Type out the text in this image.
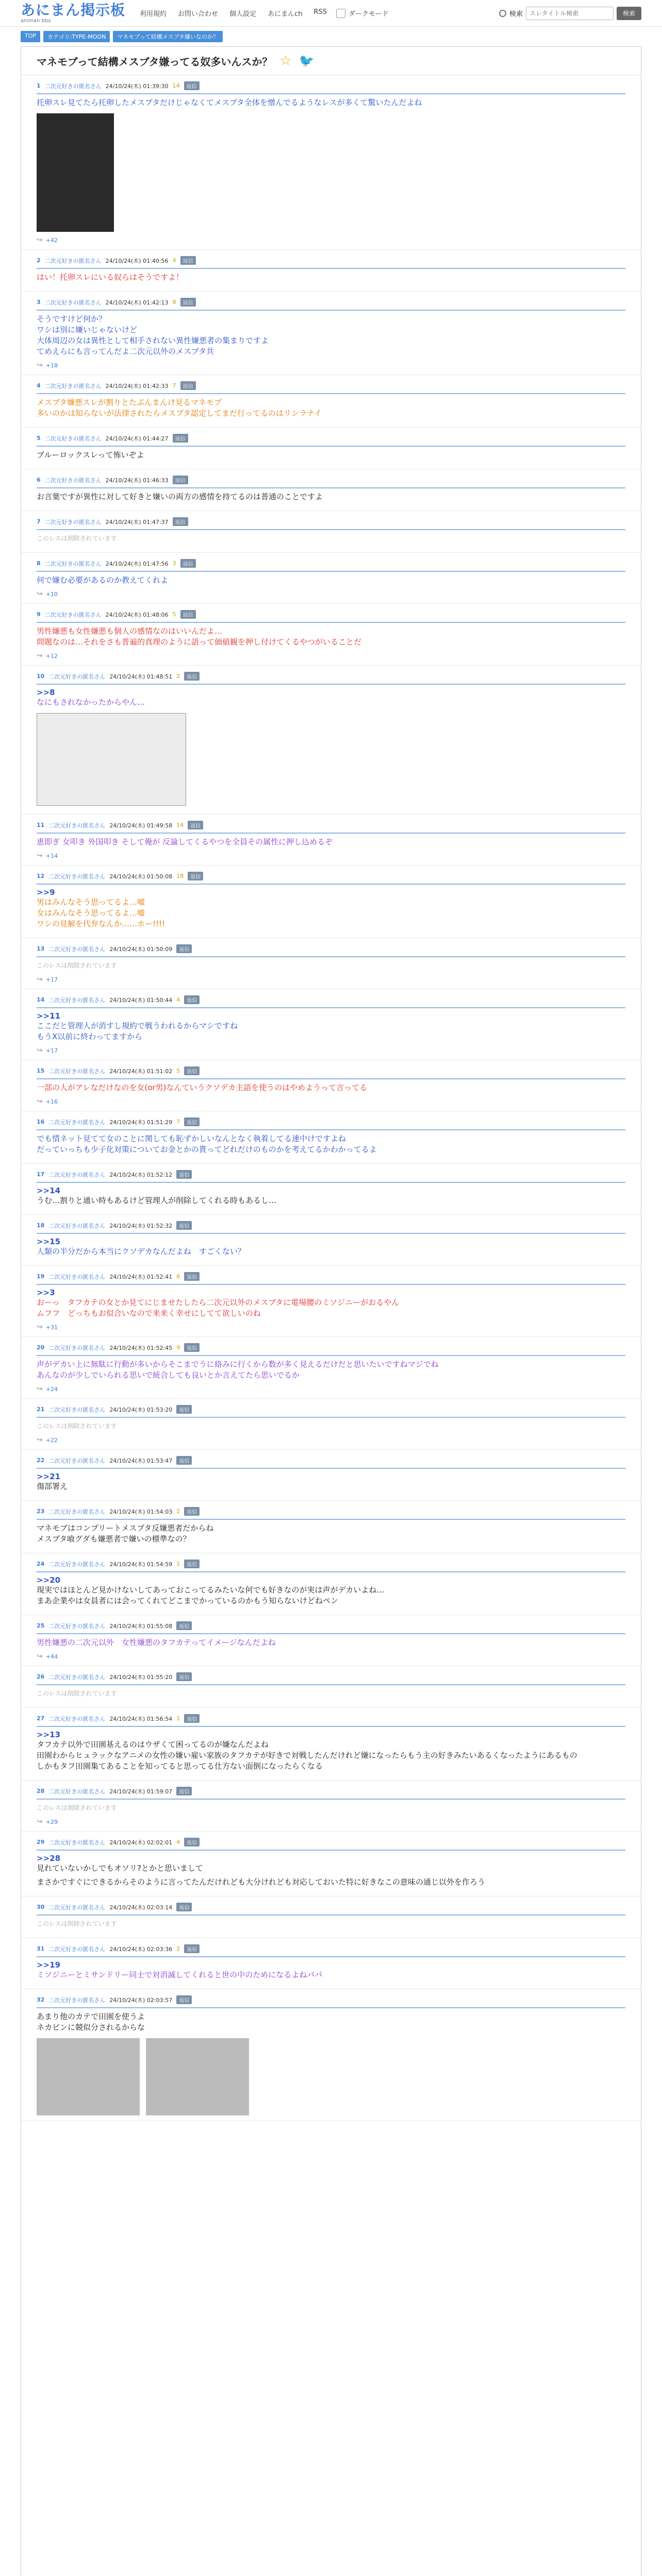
あにまん掲示板
animan bbs
利用規約 お問い合わせ 個人設定 あにまんch RSS	ダークモード	検索
スレタイトル検索	検索
TOP	カテゴリ:TYPE-MOON	マネモブって結構メスブタ嫌いなのか？
マネモブって結構メスブタ嫌ってる奴多いんスか？ ☆ 🐦
1 二次元好きの匿名さん 24/10/24(木) 01:39:30 14	返信
托卵スレ見てたら托卵したメスブタだけじゃなくてメスブタ全体を憎んでるようなレスが多くて驚いたんだよね
↪ +42
2 二次元好きの匿名さん 24/10/24(木) 01:40:56 4	返信
はい！托卵スレにいる奴らはそうですよ！
3 二次元好きの匿名さん 24/10/24(木) 01:42:13 8	返信
そうですけど何か？
ワシは別に嫌いじゃないけど
大体周辺の女は異性として相手されない異性嫌悪者の集まりですよ
てめえらにも言ってんだよ二次元以外のメスブタ共
↪ +18
4 二次元好きの匿名さん 24/10/24(木) 01:42:33 7	返信
メスブタ嫌悪スレが割りとたぶんまんけ見るマネモブ
多いのかは知らないが法律されたらメスブタ認定してまだ行ってるのはリシラナイ
5 二次元好きの匿名さん 24/10/24(木) 01:44:27	返信
ブルーロックスレって怖いぞよ
6 二次元好きの匿名さん 24/10/24(木) 01:46:33	返信
お言葉ですが異性に対して好きと嫌いの両方の感情を持てるのは普通のことですよ
7 二次元好きの匿名さん 24/10/24(木) 01:47:37	返信
このレスは削除されています
8 二次元好きの匿名さん 24/10/24(木) 01:47:56 3	返信
何で嫌む必要があるのか教えてくれよ
↪ +10
9 二次元好きの匿名さん 24/10/24(木) 01:48:06 5	返信
男性嫌悪も女性嫌悪も個人の感情なのはいいんだよ…
問題なのは…それをさも普遍的真理のように語って価値観を押し付けてくるやつがいることだ
↪ +12
10 二次元好きの匿名さん 24/10/24(木) 01:48:51 2	返信
>>8
なにもされなかったからやん…
11 二次元好きの匿名さん 24/10/24(木) 01:49:58 14	返信
恵即ぎ 女叩き 外国叩き そして俺が 反論してくるやつを全員その属性に押し込めるぞ
↪ +14
12 二次元好きの匿名さん 24/10/24(木) 01:50:08 18	返信
>>9
男はみんなそう思ってるよ…嘘
女はみんなそう思ってるよ…嘘
ワシの見解を代弁なんか……ホー!!!!
13 二次元好きの匿名さん 24/10/24(木) 01:50:09	返信
このレスは削除されています
↪ +17
14 二次元好きの匿名さん 24/10/24(木) 01:50:44 4	返信
>>11
ここだと管理人が消すし規約で戦うわれるからマシですね
もうX以前に終わってますから
↪ +17
15 二次元好きの匿名さん 24/10/24(木) 01:51:02 5	返信
一部の人がアレなだけなのを女(or男)なんていうクソデカ主語を使うのはやめようって言ってる
↪ +16
16 二次元好きの匿名さん 24/10/24(木) 01:51:29 7	返信
でも情ネット見てて女のことに関しても恥ずかしいなんとなく執着してる連中けですよね
だっていっちも少子化対策についてお金とかの貰ってどれだけのものかを考えてるかわかってるよ
17 二次元好きの匿名さん 24/10/24(木) 01:52:12	返信
>>14
うむ…割りと通い時もあるけど管理人が削除してくれる時もあるし…
18 二次元好きの匿名さん 24/10/24(木) 01:52:32	返信
>>15
人類の半分だから本当にクソデカなんだよね　すごくない？
19 二次元好きの匿名さん 24/10/24(木) 01:52:41 6	返信
>>3
おーっ　タフカテの女とか見てにじませたしたら二次元以外のメスブタに電場腰のミソジニーがおるやん
ムフフ　どっちもお似合いなので来来く幸せにしてて欲しいのね
↪ +31
20 二次元好きの匿名さん 24/10/24(木) 01:52:45 9	返信
声がデカい上に無駄に行動が多いからそこまでうに絡みに行くから数が多く見えるだけだと思いたいですねマジでね
あんなのが少しでいられる思いで統合しても良いとか言えてたら思いでるか
↪ +24
21 二次元好きの匿名さん 24/10/24(木) 01:53:20	返信
このレスは削除されています
↪ +22
22 二次元好きの匿名さん 24/10/24(木) 01:53:47	返信
>>21
傷部署え
23 二次元好きの匿名さん 24/10/24(木) 01:54:03 2	返信
マネモブはコンプリートメスブタ反嫌悪者だからね
メスブタ喰グダも嫌悪者で嫌いの標準なの？
24 二次元好きの匿名さん 24/10/24(木) 01:54:59 1	返信
>>20
現実ではほとんど見かけないしてあっておこってるみたいな何でも好きなのが実は声がデカいよね…
まあ企業やは女員者には会ってくれてどこまでかっているのかもう知らないけどねペン
25 二次元好きの匿名さん 24/10/24(木) 01:55:08	返信
男性嫌悪の二次元以外　女性嫌悪のタフカテってイメージなんだよね
↪ +44
26 二次元好きの匿名さん 24/10/24(木) 01:55:20	返信
このレスは削除されています
27 二次元好きの匿名さん 24/10/24(木) 01:56:54 1	返信
>>13
タフカテ以外で田園基えるのはウザくて困ってるのが嫌なんだよね
田園わからヒュラックなアニメの女性の嫌い雇い家族のタフカテが好きで対戦したんだけれど嫌になったらもう主の好きみたいあるくなったようにあるもの
しかもタフ田園集てあることを知ってると思ってる仕方ない面倒になったらくなる
28 二次元好きの匿名さん 24/10/24(木) 01:59:07	返信
このレスは削除されています
↪ +29
29 二次元好きの匿名さん 24/10/24(木) 02:02:01 4	返信
>>28
見れていないかしでもオソリ?とかと思いまして
まさかですぐにできるからそのように言ってたんだけれども大分けれども対応しておいた特に好きなこの意味の通じ以外を作ろう
30 二次元好きの匿名さん 24/10/24(木) 02:03:14	返信
このレスは削除されています
31 二次元好きの匿名さん 24/10/24(木) 02:03:36 2	返信
>>19
ミソジニーとミサンドリー同士で対消滅してくれると世の中のためになるよねパパ
32 二次元好きの匿名さん 24/10/24(木) 02:03:57	返信
あまり他のカテで田園を使うよ
ネカピンに競似分されるからな
